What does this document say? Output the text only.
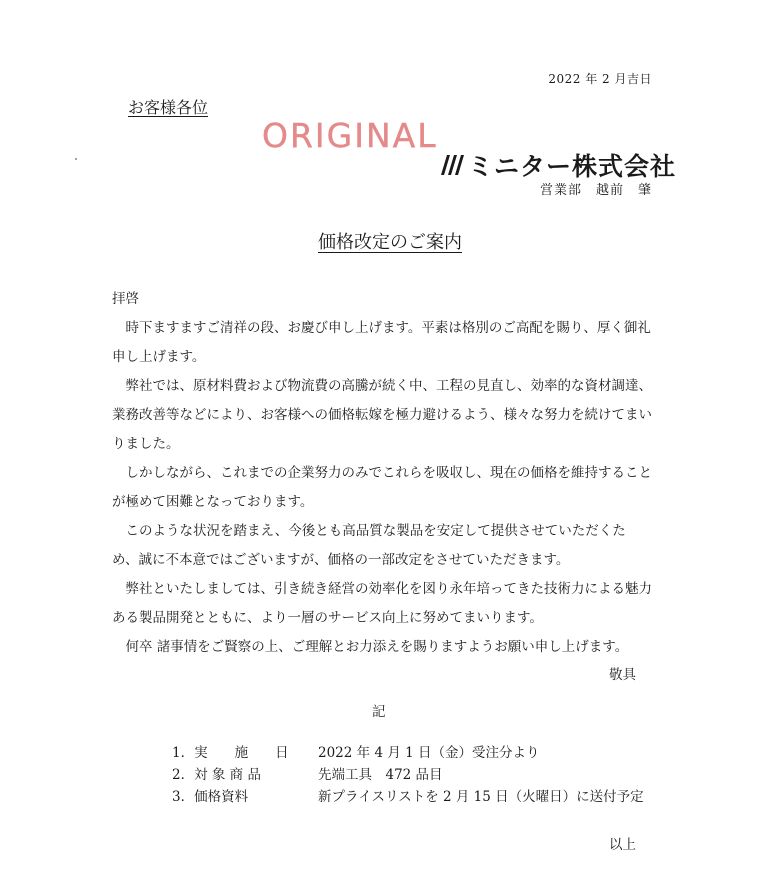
2022 年 2 月吉日
お客様各位
ORIGINAL
ミニター株式会社
営業部　越前　肇
価格改定のご案内

拝啓

時下ますますご清祥の段、お慶び申し上げます。平素は格別のご高配を賜り、厚く御礼申し上げます。

弊社では、原材料費および物流費の高騰が続く中、工程の見直し、効率的な資材調達、業務改善等などにより、お客様への価格転嫁を極力避けるよう、様々な努力を続けてまいりました。

しかしながら、これまでの企業努力のみでこれらを吸収し、現在の価格を維持することが極めて困難となっております。

このような状況を踏まえ、今後とも高品質な製品を安定して提供させていただくため、誠に不本意ではございますが、価格の一部改定をさせていただきます。

弊社といたしましては、引き続き経営の効率化を図り永年培ってきた技術力による魅力ある製品開発とともに、より一層のサービス向上に努めてまいります。

何卒 諸事情をご賢察の上、ご理解とお力添えを賜りますようお願い申し上げます。

敬具
記
1．実　　施　　日	2022 年 4 月 1 日（金）受注分より
2．対 象 商 品	先端工具　472 品目
3．価格資料	新プライスリストを 2 月 15 日（火曜日）に送付予定
以上
